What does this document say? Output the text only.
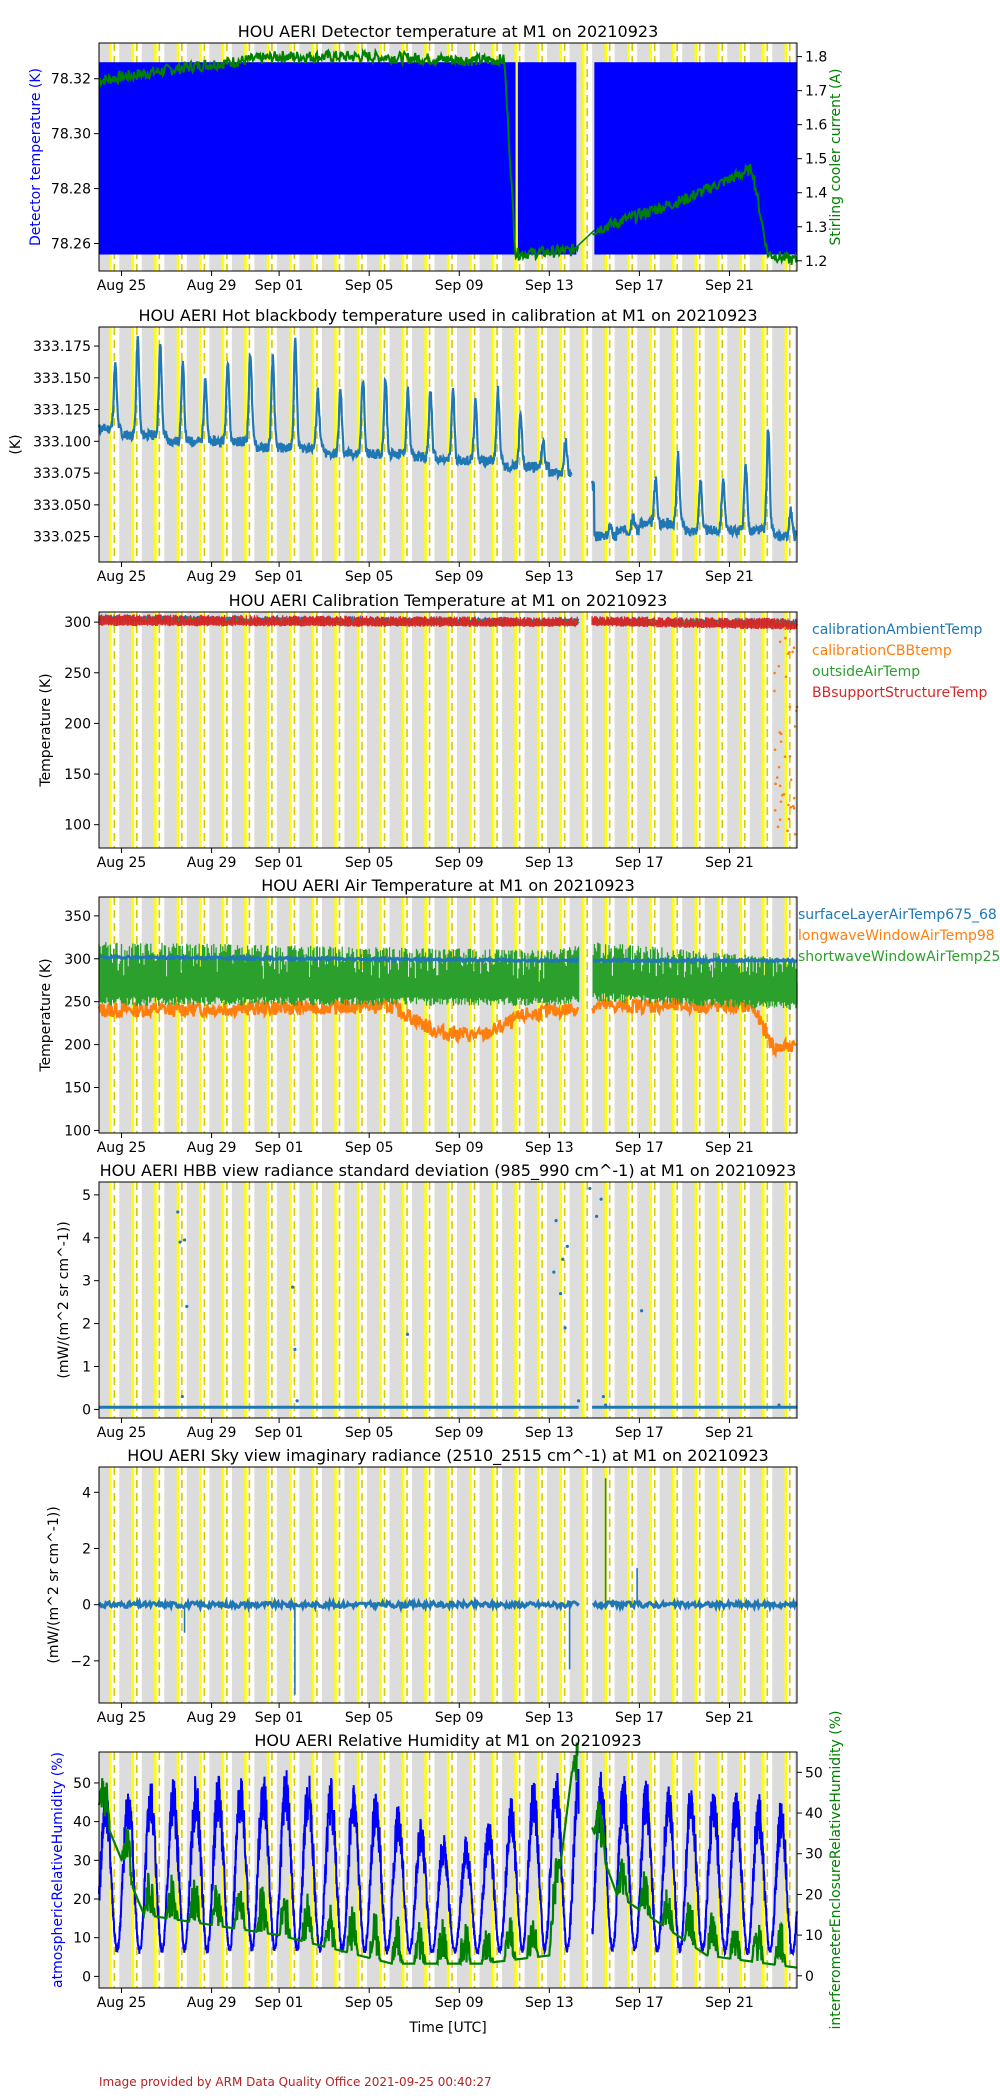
HOU AERI Detector temperature at M1 on 20210923
78.26
78.28
78.30
78.32
1.2
1.3
1.4
1.5
1.6
1.7
1.8
Detector temperature (K)	Stirling cooler current (A)
Aug 25	Aug 29 Sep 01	Sep 05	Sep 09	Sep 13	Sep 17	Sep 21
HOU AERI Hot blackbody temperature used in calibration at M1 on 20210923
333.025
333.050
333.075
333.100
333.125
333.150
333.175
(K)
Aug 25	Aug 29 Sep 01	Sep 05	Sep 09	Sep 13	Sep 17	Sep 21
HOU AERI Calibration Temperature at M1 on 20210923
100
150
200
250
300
Temperature (K)
Aug 25	Aug 29 Sep 01	Sep 05	Sep 09	Sep 13	Sep 17	Sep 21
calibrationAmbientTemp
calibrationCBBtemp
outsideAirTemp
BBsupportStructureTemp
HOU AERI Air Temperature at M1 on 20210923
100
150
200
250
300
350
Temperature (K)
Aug 25	Aug 29 Sep 01	Sep 05	Sep 09	Sep 13	Sep 17	Sep 21
surfaceLayerAirTemp675_68
longwaveWindowAirTemp98
shortwaveWindowAirTemp25
HOU AERI HBB view radiance standard deviation (985_990 cm^-1) at M1 on 20210923
0
1
2
3
4
5
(mW/(m^2 sr cm^-1))
Aug 25	Aug 29 Sep 01	Sep 05	Sep 09	Sep 13	Sep 17	Sep 21
HOU AERI Sky view imaginary radiance (2510_2515 cm^-1) at M1 on 20210923
−2
0
2
4
(mW/(m^2 sr cm^-1))
Aug 25	Aug 29 Sep 01	Sep 05	Sep 09	Sep 13	Sep 17	Sep 21
HOU AERI Relative Humidity at M1 on 20210923
0
10
20
30
40
50
0
10
20
30
40
50
atmosphericRelativeHumidity (%)	interferometerEnclosureRelativeHumidity (%)
Aug 25	Aug 29 Sep 01	Sep 05	Sep 09	Sep 13	Sep 17	Sep 21
Time [UTC]
Image provided by ARM Data Quality Office 2021-09-25 00:40:27
